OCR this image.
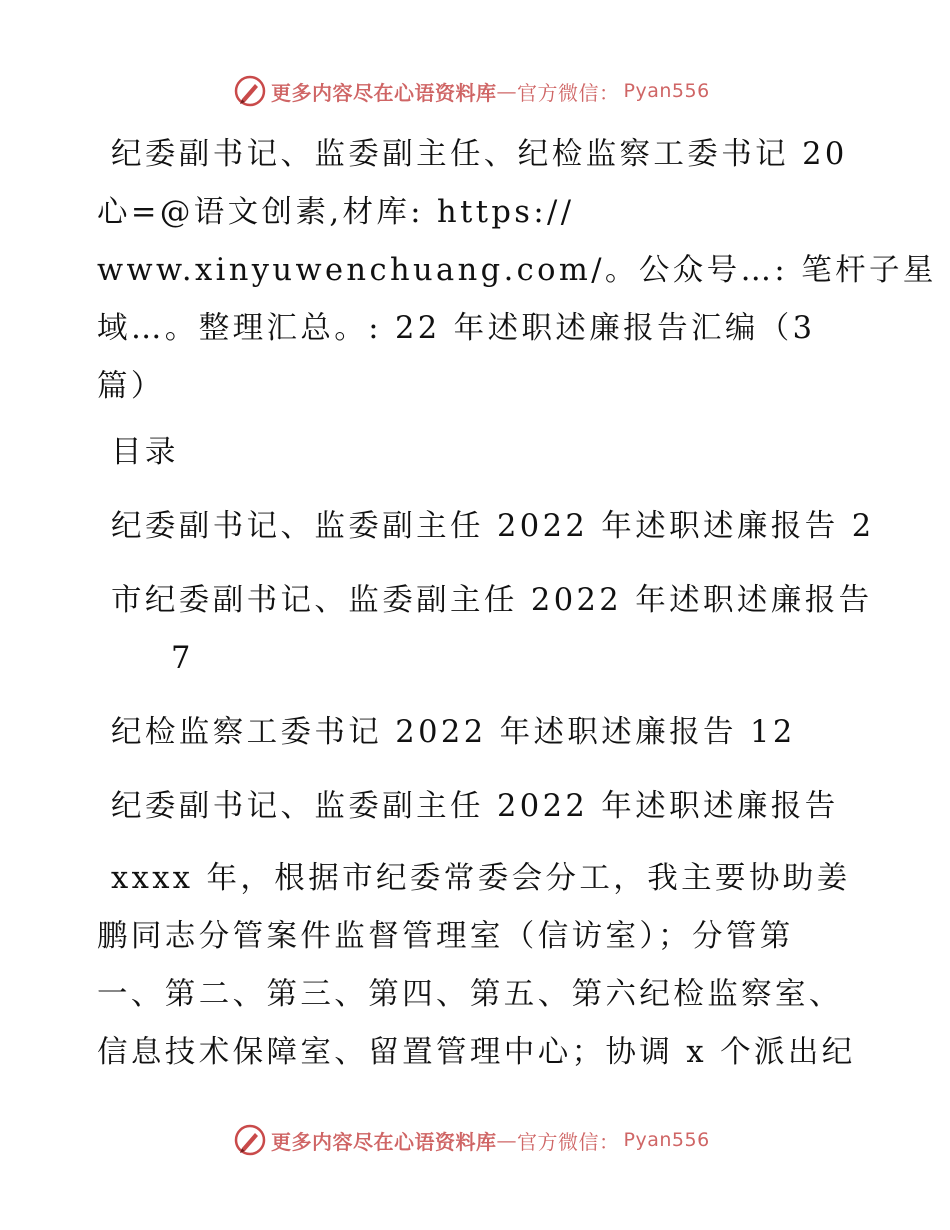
更多内容尽在心语资料库 — 官方微信： Pyan556

纪委副书记、监委副主任、纪检监察工委书记 20
心=@语文创素,材库: https://
www.xinyuwenchuang.com/。公众号…: 笔杆子星
域…。整理汇总。: 22 年述职述廉报告汇编（3
篇）

目录

纪委副书记、监委副主任 2022 年述职述廉报告 2

市纪委副书记、监委副主任 2022 年述职述廉报告
7

纪检监察工委书记 2022 年述职述廉报告 12

纪委副书记、监委副主任 2022 年述职述廉报告

xxxx 年，根据市纪委常委会分工，我主要协助姜
鹏同志分管案件监督管理室（信访室）；分管第
一、第二、第三、第四、第五、第六纪检监察室、
信息技术保障室、留置管理中心；协调 x 个派出纪

更多内容尽在心语资料库 — 官方微信： Pyan556
